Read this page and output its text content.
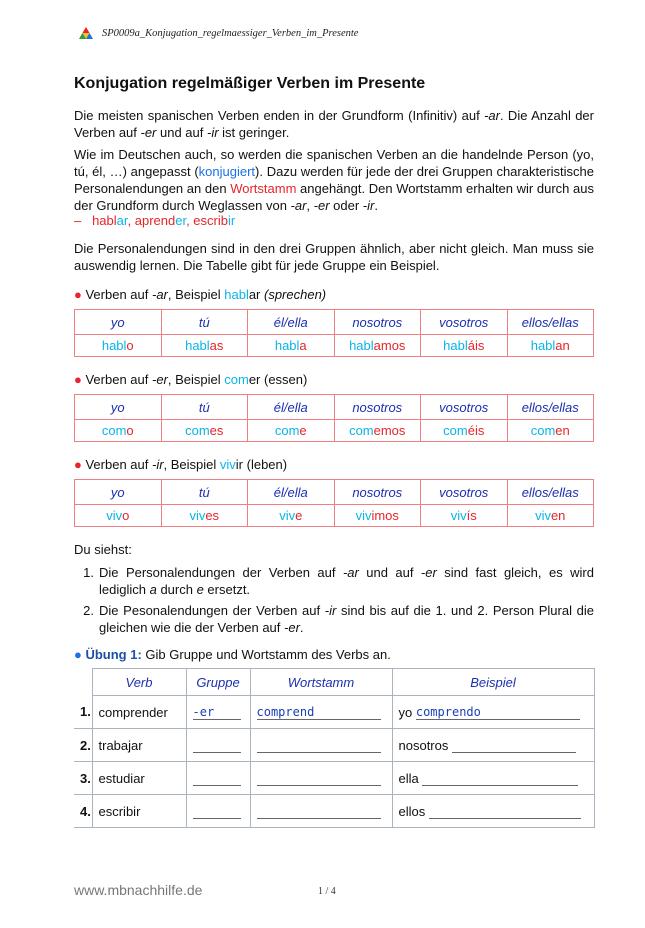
SP0009a_Konjugation_regelmaessiger_Verben_im_Presente
Konjugation regelmäßiger Verben im Presente
Die meisten spanischen Verben enden in der Grundform (Infinitiv) auf -ar. Die Anzahl der Verben auf -er und auf -ir ist geringer.
Wie im Deutschen auch, so werden die spanischen Verben an die handelnde Person (yo, tú, él, …) angepasst (konjugiert). Dazu werden für jede der drei Gruppen charakteristische Personalendungen an den Wortstamm angehängt. Den Wortstamm erhalten wir durch aus der Grundform durch Weglassen von -ar, -er oder -ir.
– hablar, aprender, escribir
Die Personalendungen sind in den drei Gruppen ähnlich, aber nicht gleich. Man muss sie auswendig lernen. Die Tabelle gibt für jede Gruppe ein Beispiel.
● Verben auf -ar, Beispiel hablar (sprechen)
yo	tú	él/ella	nosotros	vosotros	ellos/ellas
hablo	hablas	habla	hablamos	habláis	hablan
● Verben auf -er, Beispiel comer (essen)
yo	tú	él/ella	nosotros	vosotros	ellos/ellas
como	comes	come	comemos	coméis	comen
● Verben auf -ir, Beispiel vivir (leben)
yo	tú	él/ella	nosotros	vosotros	ellos/ellas
vivo	vives	vive	vivimos	vivís	viven
Du siehst:
1. Die Personalendungen der Verben auf -ar und auf -er sind fast gleich, es wird lediglich a durch e ersetzt.
2. Die Pesonalendungen der Verben auf -ir sind bis auf die 1. und 2. Person Plural die gleichen wie die der Verben auf -er.
● Übung 1: Gib Gruppe und Wortstamm des Verbs an.
	Verb	Gruppe	Wortstamm	Beispiel
1.	comprender	-er	comprend	yo comprendo
2.	trabajar			nosotros
3.	estudiar			ella
4.	escribir			ellos
www.mbnachhilfe.de	1 / 4
